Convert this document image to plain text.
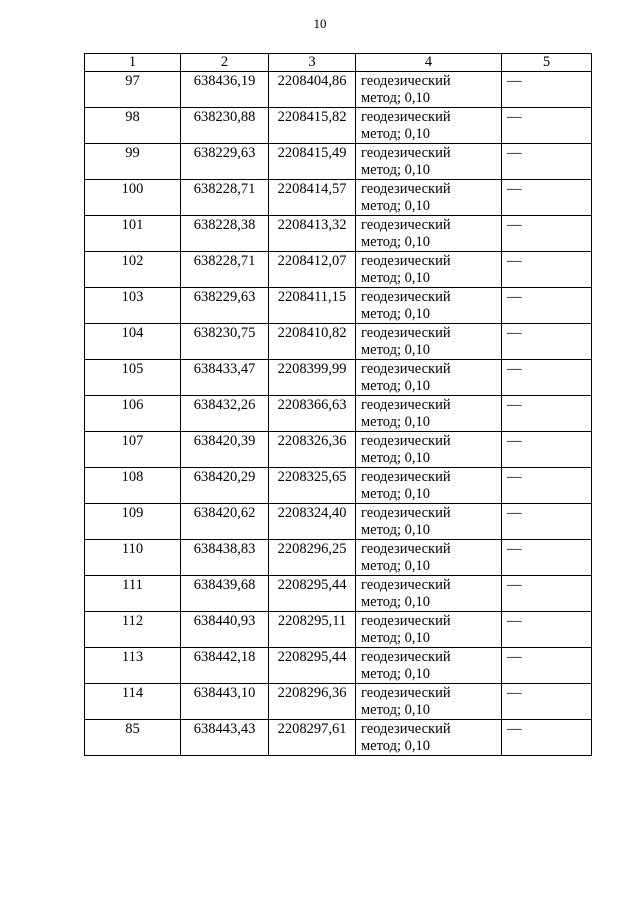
10
1	2	3	4	5
97	638436,19	2208404,86	геодезический
метод; 0,10	—
98	638230,88	2208415,82	геодезический
метод; 0,10	—
99	638229,63	2208415,49	геодезический
метод; 0,10	—
100	638228,71	2208414,57	геодезический
метод; 0,10	—
101	638228,38	2208413,32	геодезический
метод; 0,10	—
102	638228,71	2208412,07	геодезический
метод; 0,10	—
103	638229,63	2208411,15	геодезический
метод; 0,10	—
104	638230,75	2208410,82	геодезический
метод; 0,10	—
105	638433,47	2208399,99	геодезический
метод; 0,10	—
106	638432,26	2208366,63	геодезический
метод; 0,10	—
107	638420,39	2208326,36	геодезический
метод; 0,10	—
108	638420,29	2208325,65	геодезический
метод; 0,10	—
109	638420,62	2208324,40	геодезический
метод; 0,10	—
110	638438,83	2208296,25	геодезический
метод; 0,10	—
111	638439,68	2208295,44	геодезический
метод; 0,10	—
112	638440,93	2208295,11	геодезический
метод; 0,10	—
113	638442,18	2208295,44	геодезический
метод; 0,10	—
114	638443,10	2208296,36	геодезический
метод; 0,10	—
85	638443,43	2208297,61	геодезический
метод; 0,10	—
